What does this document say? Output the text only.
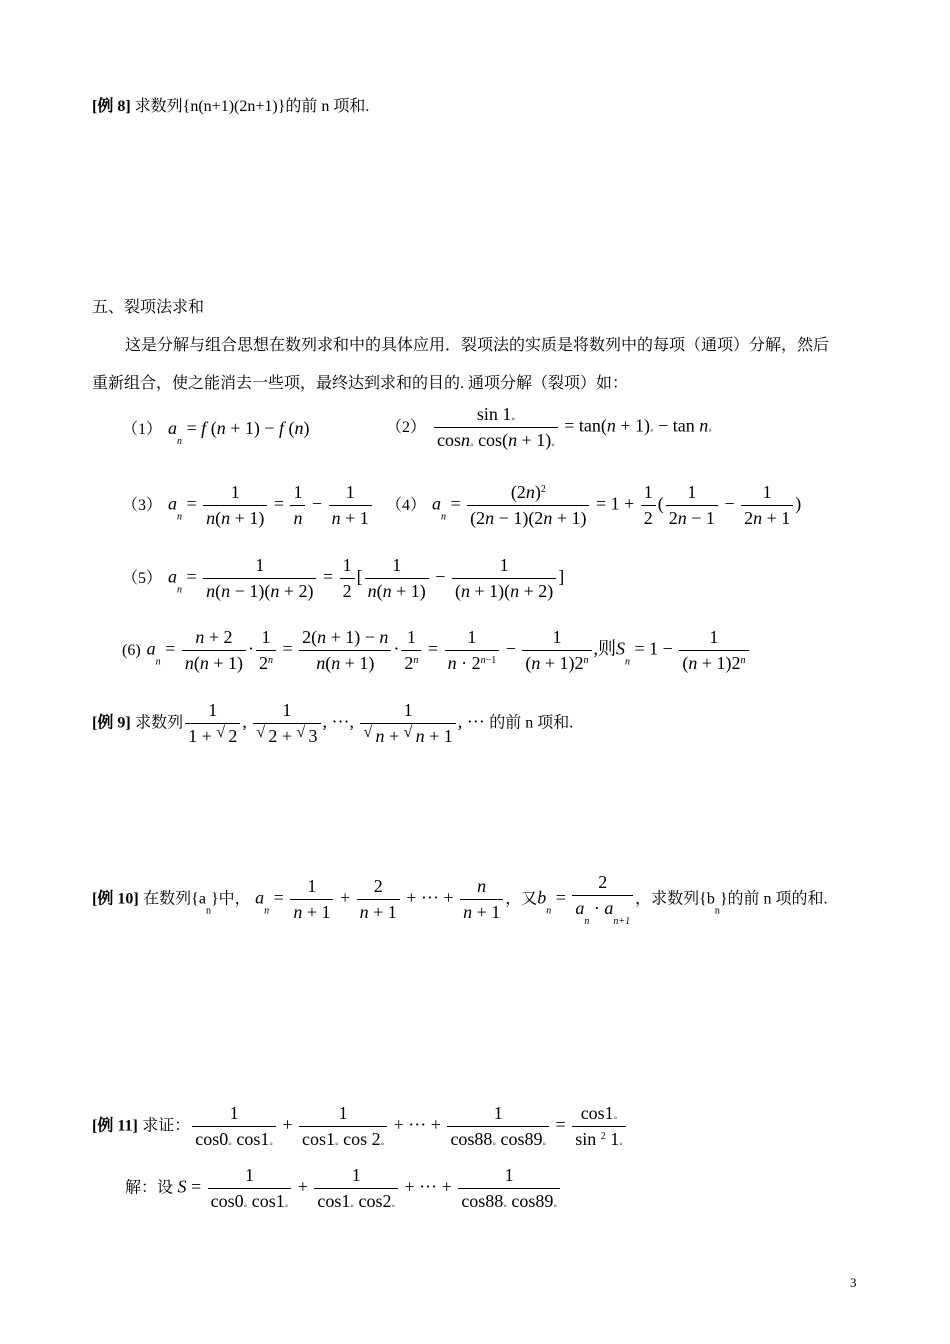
[例 8] 求数列{n(n+1)(2n+1)}的前 n 项和.
五、裂项法求和
这是分解与组合思想在数列求和中的具体应用．裂项法的实质是将数列中的每项（通项）分解，然后
重新组合，使之能消去一些项，最终达到求和的目的. 通项分解（裂项）如：
（1） $a_n = f$ (n + 1) − f (n)	$(2) \frac{\sin 1◦}{\cos n◦ \cos(n + 1)◦} = \tan(n$ + 1)◦ − tan n◦
（3） $a_n = \frac{1}{n(n + 1)} = \frac{1}{n} - \frac{1}{n + 1} (4) a_n = \frac{(2n)^2}{(2n - 1)(2n + 1)} = 1 + \frac{1}{2}$ ( $\frac{1}{2n - 1} - \frac{1}{2n + 1}$ )
（5） $a_n = \frac{1}{n(n - 1)(n + 2)} = \frac{1}{2}$ [ $\frac{1}{n(n + 1)} - \frac{1}{(n + 1)(n + 2)}$ ]
(6) $a_n = \frac{n + 2}{n(n + 1)} \cdot \frac{1}{2^n} = \frac{2(n + 1) - n}{n(n + 1)} \cdot \frac{1}{2^n} = \frac{1}{n \cdot 2^{n-1}} - \frac{1}{(n + 1)2^n}$ ,则$S_n = 1 - \frac{1}{(n + 1)2^n}$
[例 9] 求数列 $\frac{1}{1 + √ 2}$ , 1
√ 2 + √ 3 , ···, 1
√ n + √ n + 1 , ··· 的前 n 项和.
[例 10] 在数列$\{a_n\}$中， $a_n = \frac{1}{n + 1} + \frac{2}{n + 1}$ + ··· + $\frac{n}{n + 1}$ ，又$b_n = \frac{2}{a_n \cdot a_{n+1}}$ ，求数列$\{b_n\}$的前 n 项的和.
[例 11] 求证： $\frac{1}{\cos 0◦ \cos 1◦} + \frac{1}{\cos 1◦ \cos 2◦}$ + ··· + $\frac{1}{\cos 88◦ \cos 89◦} = \frac{\cos 1◦}{\sin ^2 1◦}$
解：设 $S = \frac{1}{\cos 0◦ \cos 1◦} + \frac{1}{\cos 1◦ \cos 2◦}$ + ··· + $\frac{1}{\cos 88◦ \cos 89◦}$
3
